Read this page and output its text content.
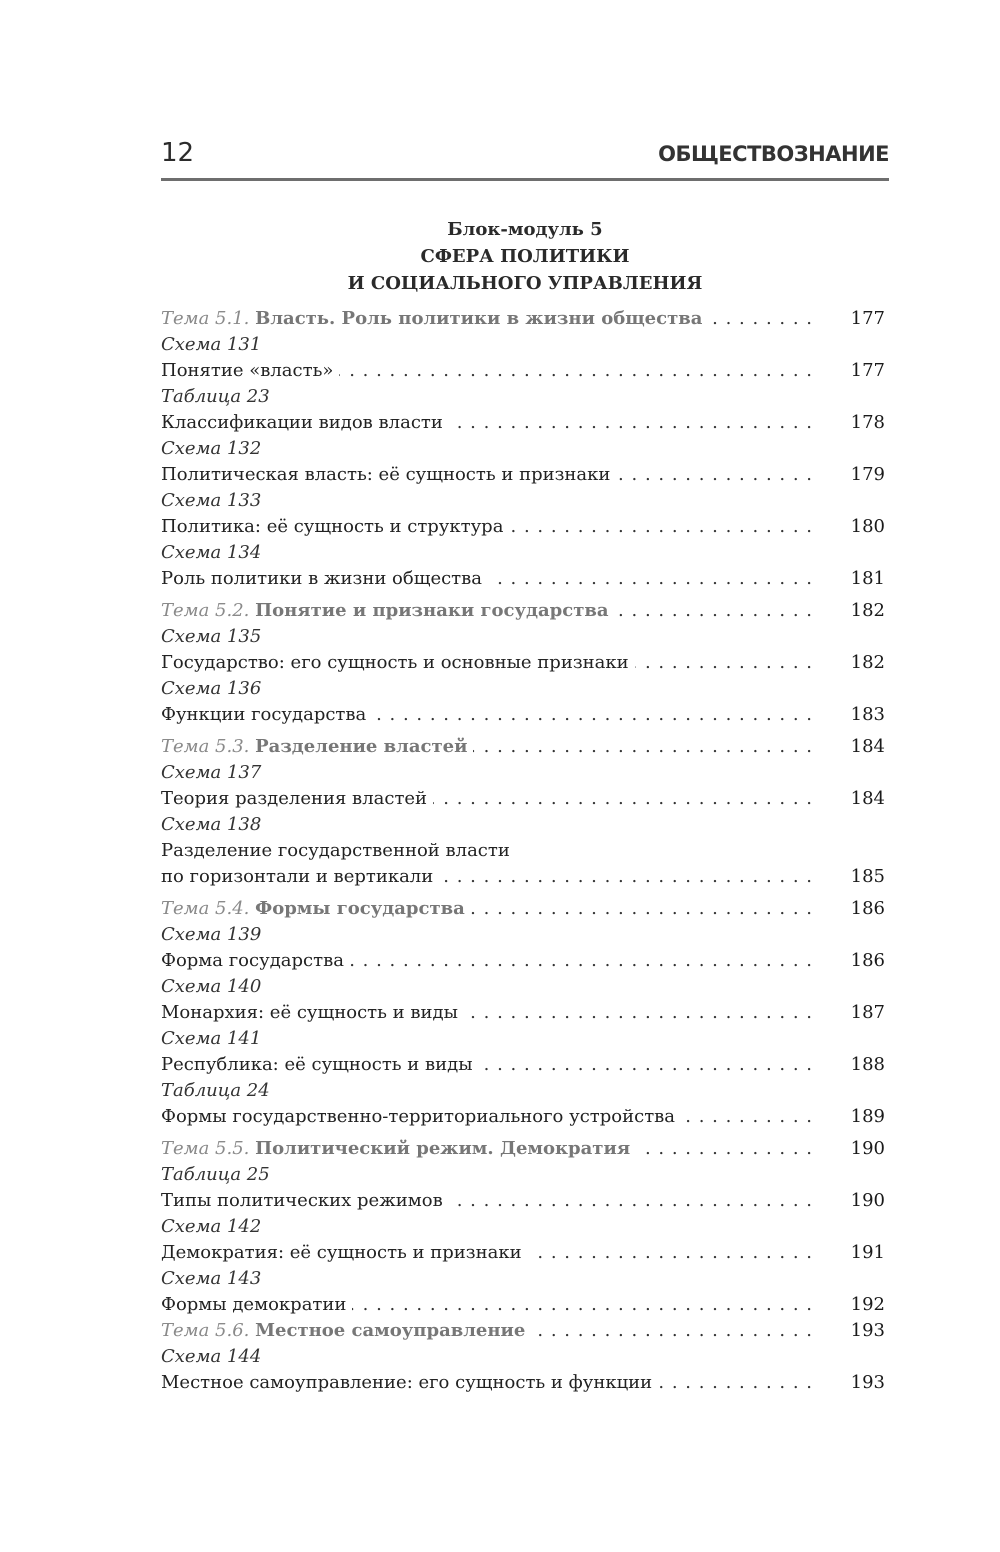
12	ОБЩЕСТВОЗНАНИЕ
Блок-модуль 5
СФЕРА ПОЛИТИКИ
И СОЦИАЛЬНОГО УПРАВЛЕНИЯ
Тема 5.1. Власть. Роль политики в жизни общества . . .	177
Схема 131
Понятие «власть» . . .	177
Таблица 23
Классификации видов власти . . .	178
Схема 132
Политическая власть: её сущность и признаки . . .	179
Схема 133
Политика: её сущность и структура . . .	180
Схема 134
Роль политики в жизни общества . . .	181
Тема 5.2. Понятие и признаки государства . . .	182
Схема 135
Государство: его сущность и основные признаки . . .	182
Схема 136
Функции государства . . .	183
Тема 5.3. Разделение властей . . .	184
Схема 137
Теория разделения властей . . .	184
Схема 138
Разделение государственной власти
по горизонтали и вертикали . . .	185
Тема 5.4. Формы государства . . .	186
Схема 139
Форма государства . . .	186
Схема 140
Монархия: её сущность и виды . . .	187
Схема 141
Республика: её сущность и виды . . .	188
Таблица 24
Формы государственно-территориального устройства . . .	189
Тема 5.5. Политический режим. Демократия . . .	190
Таблица 25
Типы политических режимов . . .	190
Схема 142
Демократия: её сущность и признаки . . .	191
Схема 143
Формы демократии . . .	192
Тема 5.6. Местное самоуправление . . .	193
Схема 144
Местное самоуправление: его сущность и функции . . .	193
